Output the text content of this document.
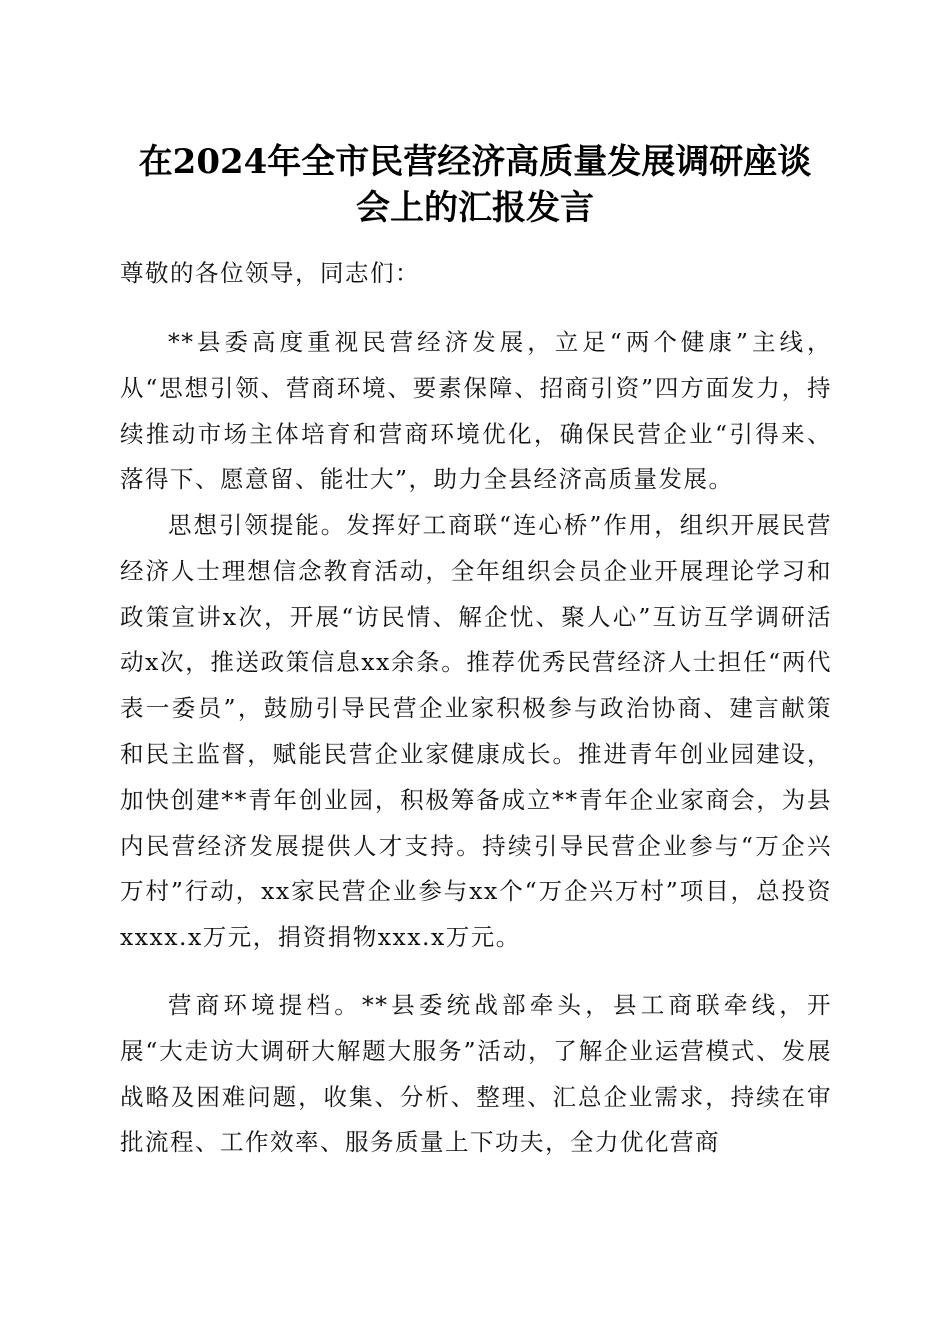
在2024年全市民营经济高质量发展调研座谈
会上的汇报发言

尊敬的各位领导，同志们：

**县委高度重视民营经济发展，立足“两个健康”主线，从“思想引领、营商环境、要素保障、招商引资”四方面发力，持续推动市场主体培育和营商环境优化，确保民营企业“引得来、落得下、愿意留、能壮大”，助力全县经济高质量发展。

思想引领提能。发挥好工商联“连心桥”作用，组织开展民营经济人士理想信念教育活动，全年组织会员企业开展理论学习和政策宣讲x次，开展“访民情、解企忧、聚人心”互访互学调研活动x次，推送政策信息xx余条。推荐优秀民营经济人士担任“两代表一委员”，鼓励引导民营企业家积极参与政治协商、建言献策和民主监督，赋能民营企业家健康成长。推进青年创业园建设，加快创建**青年创业园，积极筹备成立**青年企业家商会，为县内民营经济发展提供人才支持。持续引导民营企业参与“万企兴万村”行动，xx家民营企业参与xx个“万企兴万村”项目，总投资xxxx.x万元，捐资捐物xxx.x万元。

营商环境提档。**县委统战部牵头，县工商联牵线，开展“大走访大调研大解题大服务”活动，了解企业运营模式、发展战略及困难问题，收集、分析、整理、汇总企业需求，持续在审批流程、工作效率、服务质量上下功夫，全力优化营商
